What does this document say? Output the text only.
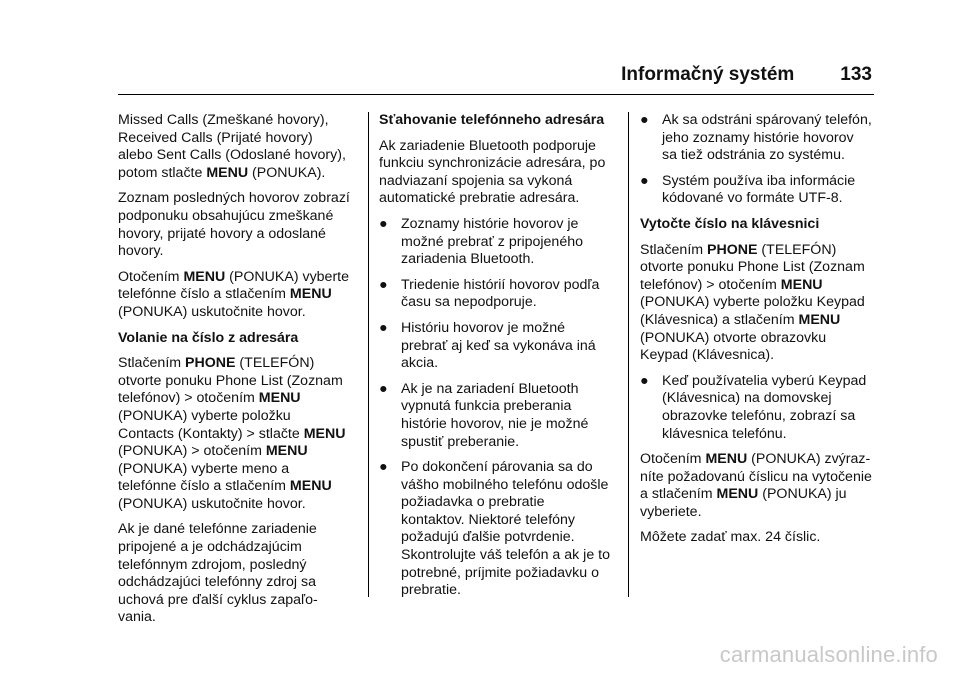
Informačný systém 133
Missed Calls (Zmeškané hovory), Received Calls (Prijaté hovory) alebo Sent Calls (Odoslané hovory), potom stlačte MENU (PONUKA).
Zoznam posledných hovorov zobrazí podponuku obsahujúcu zmeškané hovory, prijaté hovory a odoslané hovory.
Otočením MENU (PONUKA) vyberte telefónne číslo a stlačením MENU (PONUKA) uskutočnite hovor.
Volanie na číslo z adresára
Stlačením PHONE (TELEFÓN) otvorte ponuku Phone List (Zoznam telefónov) > otočením MENU (PONUKA) vyberte položku Contacts (Kontakty) > stlačte MENU (PONUKA) > otočením MENU (PONUKA) vyberte meno a telefónne číslo a stlačením MENU (PONUKA) uskutočnite hovor.
Ak je dané telefónne zariadenie pripojené a je odchádzajúcim telefónnym zdrojom, posledný odchádzajúci telefónny zdroj sa uchová pre ďalší cyklus zapaľo-vania.
Sťahovanie telefónneho adresára
Ak zariadenie Bluetooth podporuje funkciu synchronizácie adresára, po nadviazaní spojenia sa vykoná automatické prebratie adresára.
● Zoznamy histórie hovorov je možné prebrať z pripojeného zariadenia Bluetooth.
● Triedenie histórií hovorov podľa času sa nepodporuje.
● Históriu hovorov je možné prebrať aj keď sa vykonáva iná akcia.
● Ak je na zariadení Bluetooth vypnutá funkcia preberania histórie hovorov, nie je možné spustiť preberanie.
● Po dokončení párovania sa do vášho mobilného telefónu odošle požiadavka o prebratie kontaktov. Niektoré telefóny požadujú ďalšie potvrdenie. Skontrolujte váš telefón a ak je to potrebné, príjmite požiadavku o prebratie.
● Ak sa odstráni spárovaný telefón, jeho zoznamy histórie hovorov sa tiež odstránia zo systému.
● Systém používa iba informácie kódované vo formáte UTF-8.
Vytočte číslo na klávesnici
Stlačením PHONE (TELEFÓN) otvorte ponuku Phone List (Zoznam telefónov) > otočením MENU (PONUKA) vyberte položku Keypad (Klávesnica) a stlačením MENU (PONUKA) otvorte obrazovku Keypad (Klávesnica).
● Keď používatelia vyberú Keypad (Klávesnica) na domovskej obrazovke telefónu, zobrazí sa klávesnica telefónu.
Otočením MENU (PONUKA) zvýraz-níte požadovanú číslicu na vytočenie a stlačením MENU (PONUKA) ju vyberiete.
Môžete zadať max. 24 číslic.
carmanualsonline.info
